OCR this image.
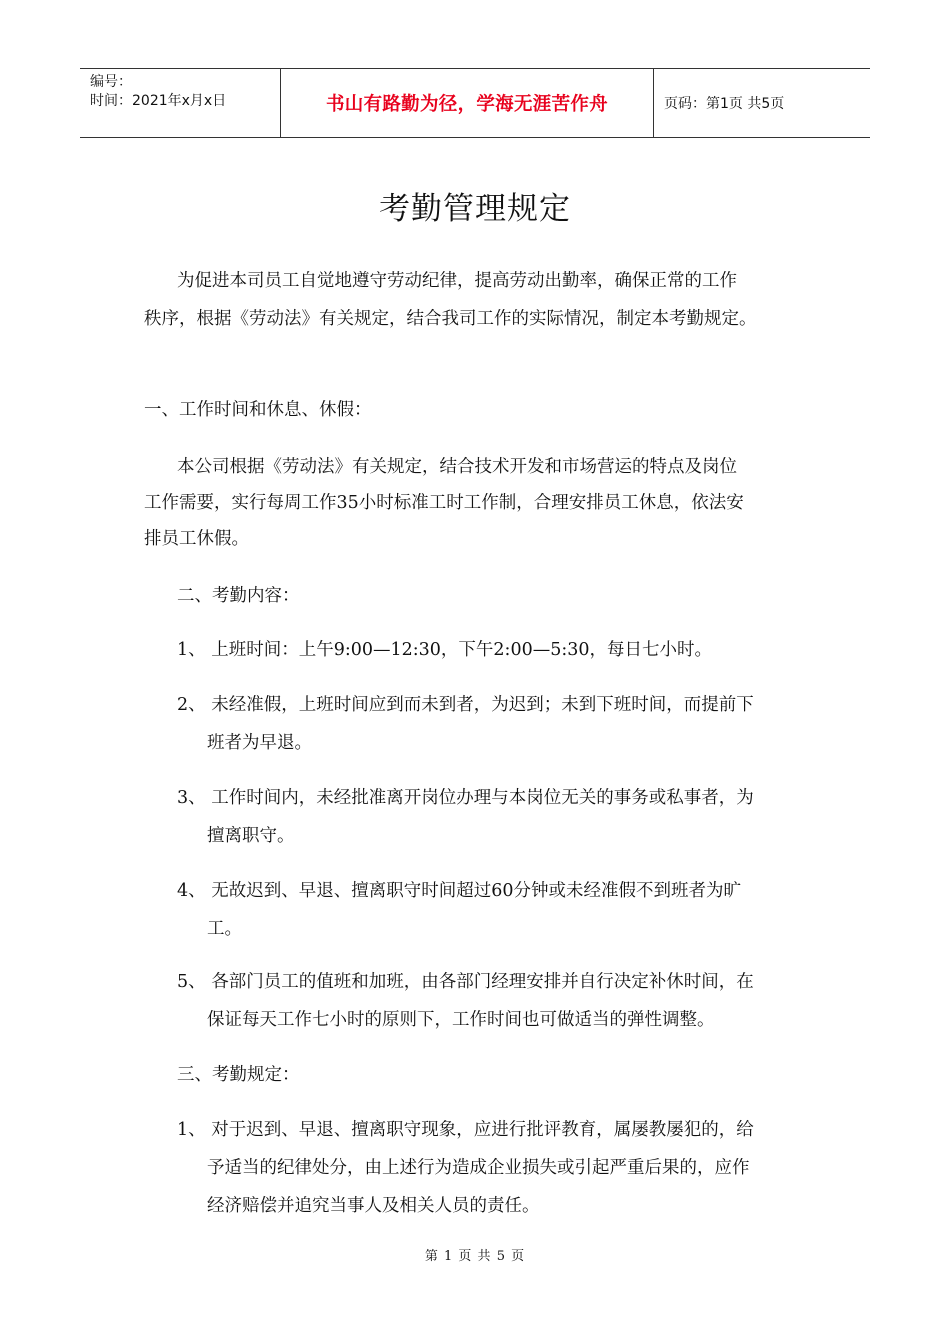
编号：
时间：2021年x月x日	书山有路勤为径，学海无涯苦作舟	页码：第1页 共5页
考勤管理规定
为促进本司员工自觉地遵守劳动纪律，提高劳动出勤率，确保正常的工作
秩序，根据《劳动法》有关规定，结合我司工作的实际情况，制定本考勤规定。
一、工作时间和休息、休假：
本公司根据《劳动法》有关规定，结合技术开发和市场营运的特点及岗位
工作需要，实行每周工作35小时标准工时工作制，合理安排员工休息，依法安
排员工休假。
二、考勤内容：
1、 上班时间：上午9:00—12:30，下午2:00—5:30，每日七小时。
2、 未经准假，上班时间应到而未到者，为迟到；未到下班时间，而提前下
班者为早退。
3、 工作时间内，未经批准离开岗位办理与本岗位无关的事务或私事者，为
擅离职守。
4、 无故迟到、早退、擅离职守时间超过60分钟或未经准假不到班者为旷
工。
5、 各部门员工的值班和加班，由各部门经理安排并自行决定补休时间，在
保证每天工作七小时的原则下，工作时间也可做适当的弹性调整。
三、考勤规定：
1、 对于迟到、早退、擅离职守现象，应进行批评教育，属屡教屡犯的，给
予适当的纪律处分，由上述行为造成企业损失或引起严重后果的，应作
经济赔偿并追究当事人及相关人员的责任。
第 1 页 共 5 页
